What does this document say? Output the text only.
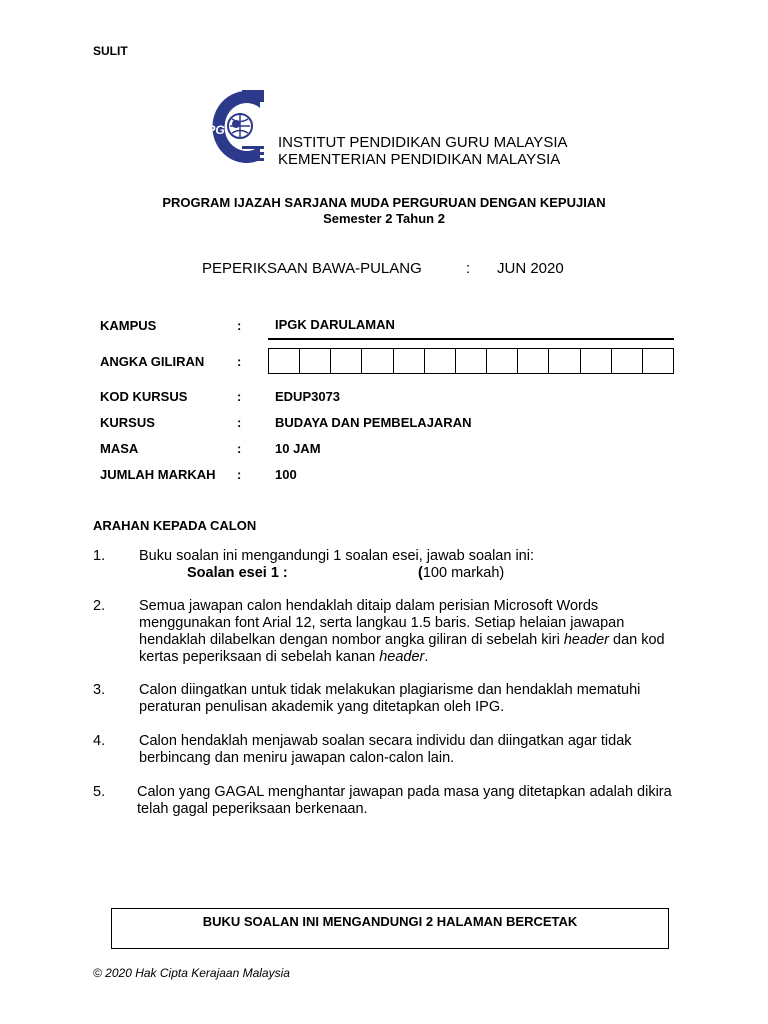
SULIT
IPG
INSTITUT PENDIDIKAN GURU MALAYSIA
KEMENTERIAN PENDIDIKAN MALAYSIA
PROGRAM IJAZAH SARJANA MUDA PERGURUAN DENGAN KEPUJIAN
Semester 2 Tahun 2
PEPERIKSAAN BAWA-PULANG	: JUN 2020
KAMPUS	:	IPGK DARULAMAN
ANGKA GILIRAN	:
KOD KURSUS	:	EDUP3073
KURSUS	:	BUDAYA DAN PEMBELAJARAN
MASA	:	10 JAM
JUMLAH MARKAH :	100
ARAHAN KEPADA CALON
1. Buku soalan ini mengandungi 1 soalan esei, jawab soalan ini:
Soalan esei 1 :	(100 markah)
2. Semua jawapan calon hendaklah ditaip dalam perisian Microsoft Words menggunakan font Arial 12, serta langkau 1.5 baris. Setiap helaian jawapan hendaklah dilabelkan dengan nombor angka giliran di sebelah kiri header dan kod kertas peperiksaan di sebelah kanan header.
3. Calon diingatkan untuk tidak melakukan plagiarisme dan hendaklah mematuhi peraturan penulisan akademik yang ditetapkan oleh IPG.
4. Calon hendaklah menjawab soalan secara individu dan diingatkan agar tidak berbincang dan meniru jawapan calon-calon lain.
5. Calon yang GAGAL menghantar jawapan pada masa yang ditetapkan adalah dikira telah gagal peperiksaan berkenaan.
BUKU SOALAN INI MENGANDUNGI 2 HALAMAN BERCETAK
© 2020 Hak Cipta Kerajaan Malaysia
